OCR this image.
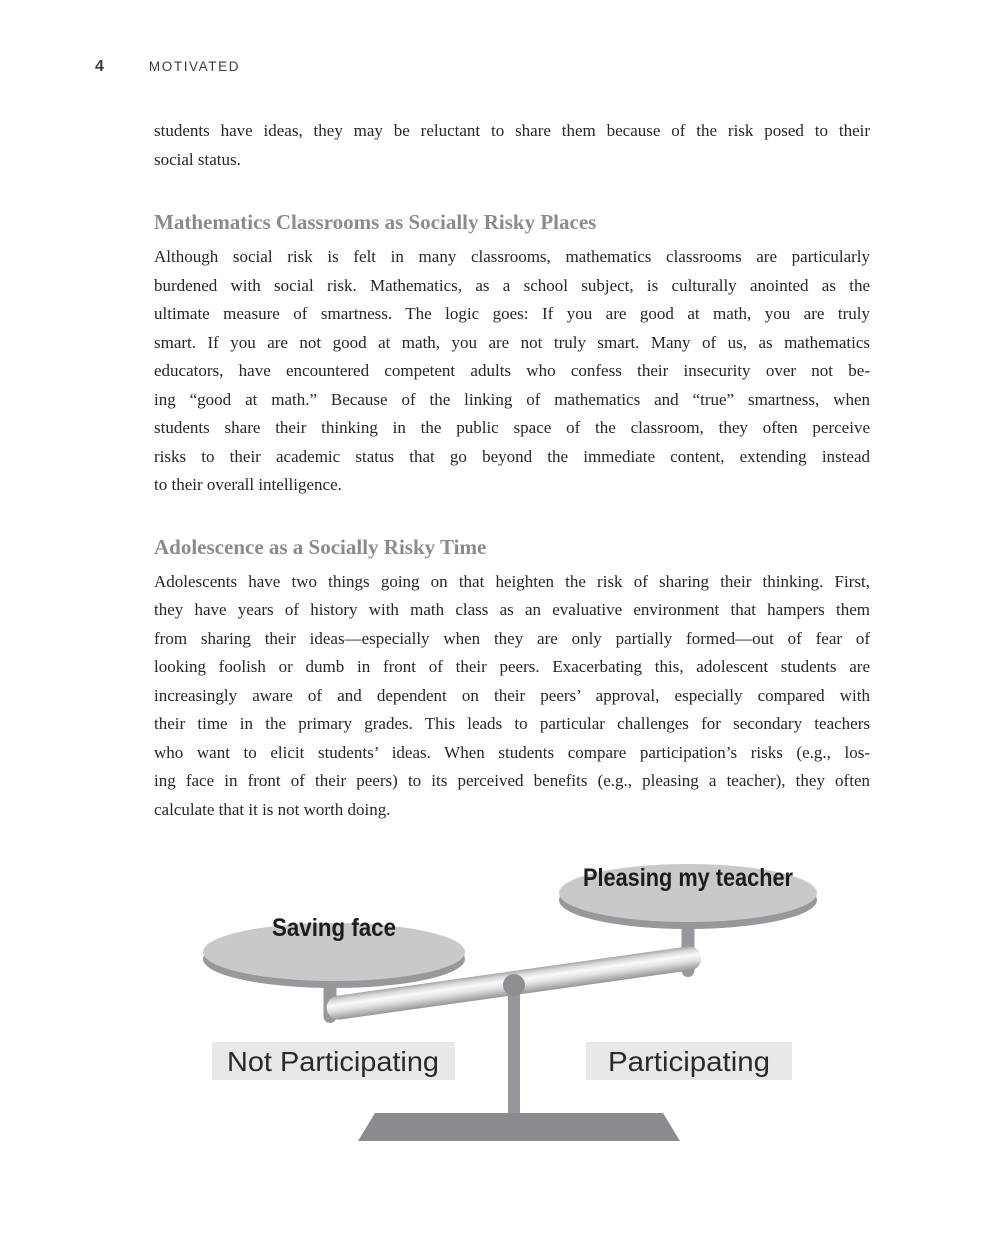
4	MOTIVATED
students have ideas, they may be reluctant to share them because of the risk posed to their
social status.
Mathematics Classrooms as Socially Risky Places
Although social risk is felt in many classrooms, mathematics classrooms are particularly
burdened with social risk. Mathematics, as a school subject, is culturally anointed as the
ultimate measure of smartness. The logic goes: If you are good at math, you are truly
smart. If you are not good at math, you are not truly smart. Many of us, as mathematics
educators, have encountered competent adults who confess their insecurity over not be-
ing “good at math.” Because of the linking of mathematics and “true” smartness, when
students share their thinking in the public space of the classroom, they often perceive
risks to their academic status that go beyond the immediate content, extending instead
to their overall intelligence.
Adolescence as a Socially Risky Time
Adolescents have two things going on that heighten the risk of sharing their thinking. First,
they have years of history with math class as an evaluative environment that hampers them
from sharing their ideas—especially when they are only partially formed—out of fear of
looking foolish or dumb in front of their peers. Exacerbating this, adolescent students are
increasingly aware of and dependent on their peers’ approval, especially compared with
their time in the primary grades. This leads to particular challenges for secondary teachers
who want to elicit students’ ideas. When students compare participation’s risks (e.g., los-
ing face in front of their peers) to its perceived benefits (e.g., pleasing a teacher), they often
calculate that it is not worth doing.
Saving face
Pleasing my teacher
Not Participating	Participating
